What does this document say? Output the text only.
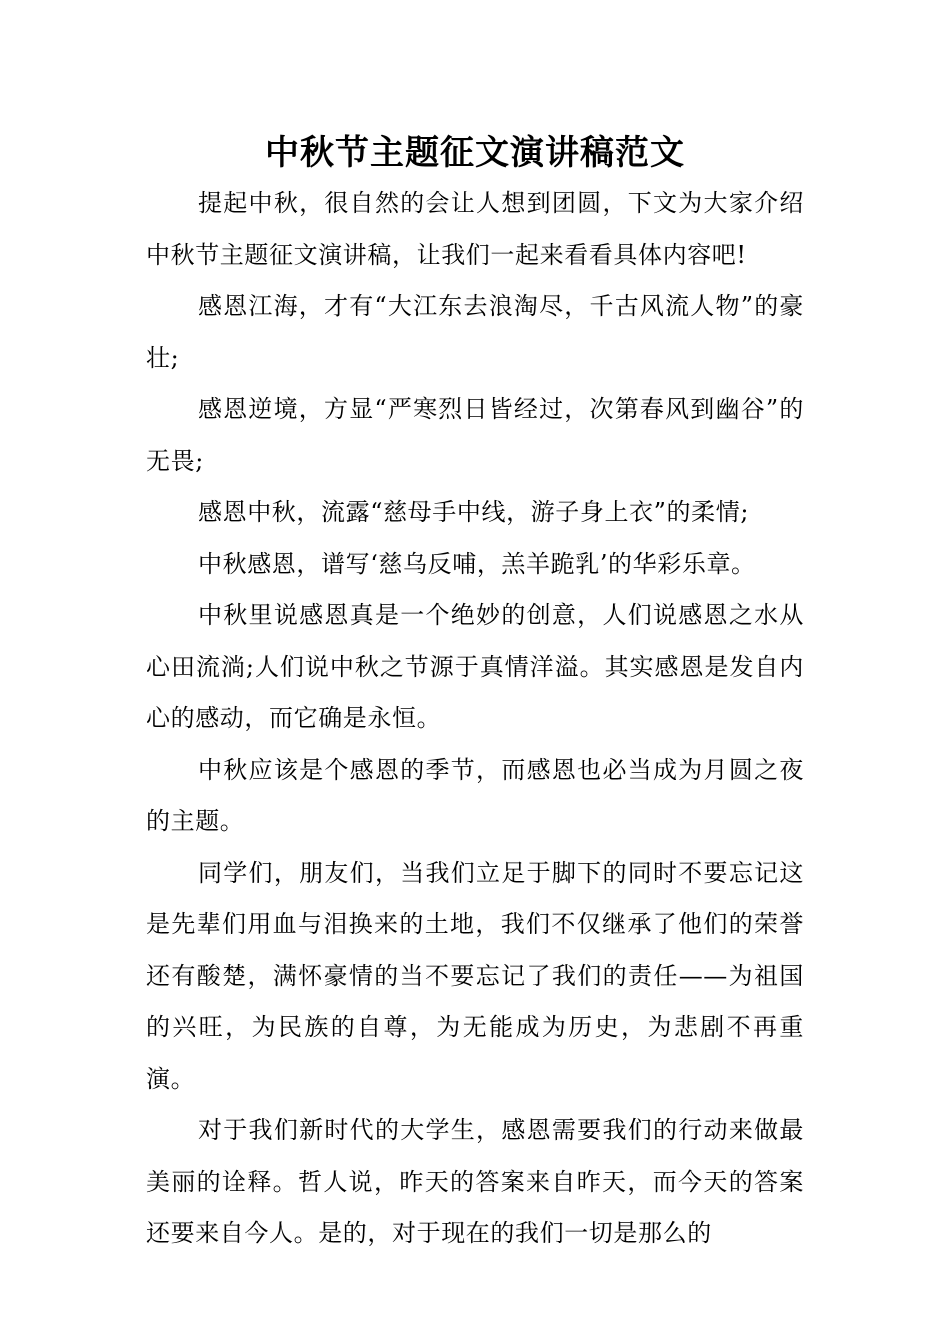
中秋节主题征文演讲稿范文

提起中秋，很自然的会让人想到团圆，下文为大家介绍中秋节主题征文演讲稿，让我们一起来看看具体内容吧!

感恩江海，才有“大江东去浪淘尽，千古风流人物”的豪壮;

感恩逆境，方显“严寒烈日皆经过，次第春风到幽谷”的无畏;

感恩中秋，流露“慈母手中线，游子身上衣”的柔情;

中秋感恩，谱写‘慈乌反哺，羔羊跪乳’的华彩乐章。

中秋里说感恩真是一个绝妙的创意，人们说感恩之水从心田流淌;人们说中秋之节源于真情洋溢。其实感恩是发自内心的感动，而它确是永恒。

中秋应该是个感恩的季节，而感恩也必当成为月圆之夜的主题。

同学们，朋友们，当我们立足于脚下的同时不要忘记这是先辈们用血与泪换来的土地，我们不仅继承了他们的荣誉还有酸楚，满怀豪情的当不要忘记了我们的责任——为祖国的兴旺，为民族的自尊，为无能成为历史，为悲剧不再重演。

对于我们新时代的大学生，感恩需要我们的行动来做最美丽的诠释。哲人说，昨天的答案来自昨天，而今天的答案还要来自今人。是的，对于现在的我们一切是那么的
